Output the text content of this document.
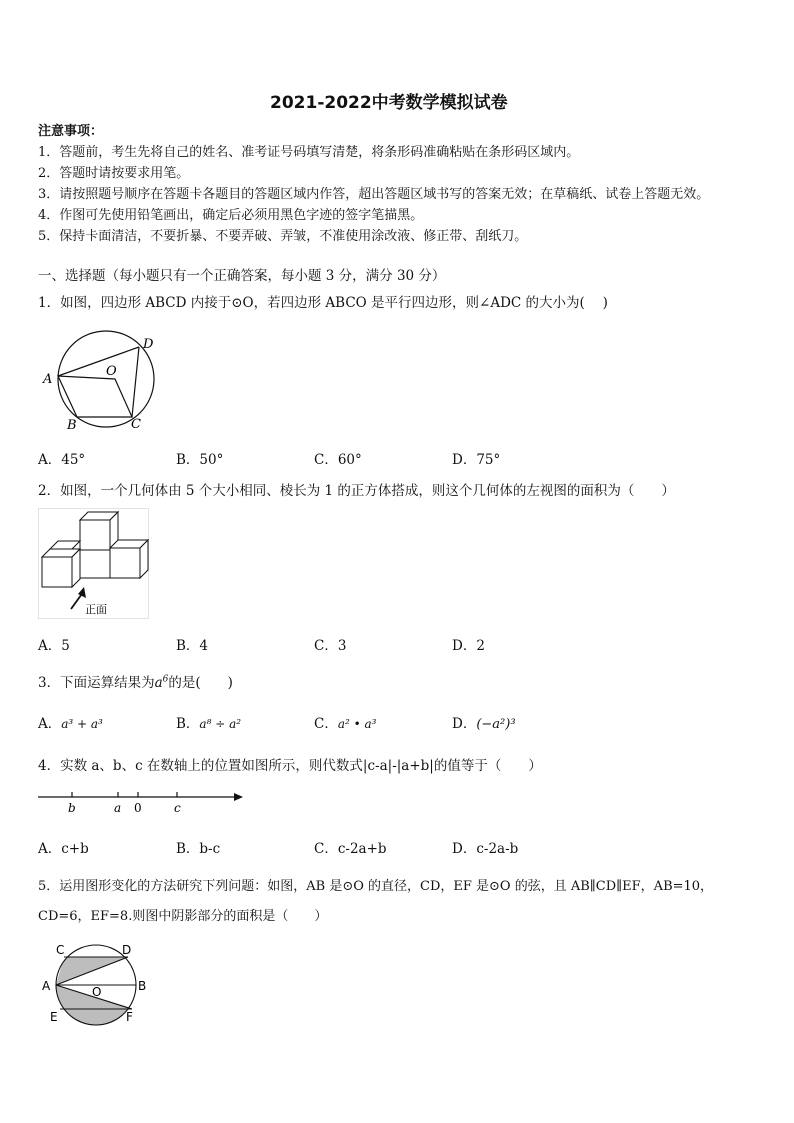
2021-2022中考数学模拟试卷
注意事项：
1．答题前，考生先将自己的姓名、准考证号码填写清楚，将条形码准确粘贴在条形码区域内。
2．答题时请按要求用笔。
3．请按照题号顺序在答题卡各题目的答题区域内作答，超出答题区域书写的答案无效；在草稿纸、试卷上答题无效。
4．作图可先使用铅笔画出，确定后必须用黑色字迹的签字笔描黑。
5．保持卡面清洁，不要折暴、不要弄破、弄皱，不准使用涂改液、修正带、刮纸刀。
一、选择题（每小题只有一个正确答案，每小题 3 分，满分 30 分）
1．如图，四边形 ABCD 内接于⊙O，若四边形 ABCO 是平行四边形，则∠ADC 的大小为(　 )
A
B	C
D
O
A．45°	B．50°	C．60°	D．75°
2．如图，一个几何体由 5 个大小相同、棱长为 1 的正方体搭成，则这个几何体的左视图的面积为（　　）
正面
A．5	B．4	C．3	D．2
3．下面运算结果为$a^6$的是(　　)
A．a³ + a³	B．a⁸ ÷ a²	C．a² • a³	D．(−a²)³
4．实数 a、b、c 在数轴上的位置如图所示，则代数式|c-a|-|a+b|的值等于（　　）
b	a 0	c
A．c+b	B．b-c	C．c-2a+b	D．c-2a-b
5．运用图形变化的方法研究下列问题：如图，AB 是⊙O 的直径，CD，EF 是⊙O 的弦，且 AB∥CD∥EF，AB=10，
CD=6，EF=8.则图中阴影部分的面积是（　　）
C	D
A	B
E	F
O
